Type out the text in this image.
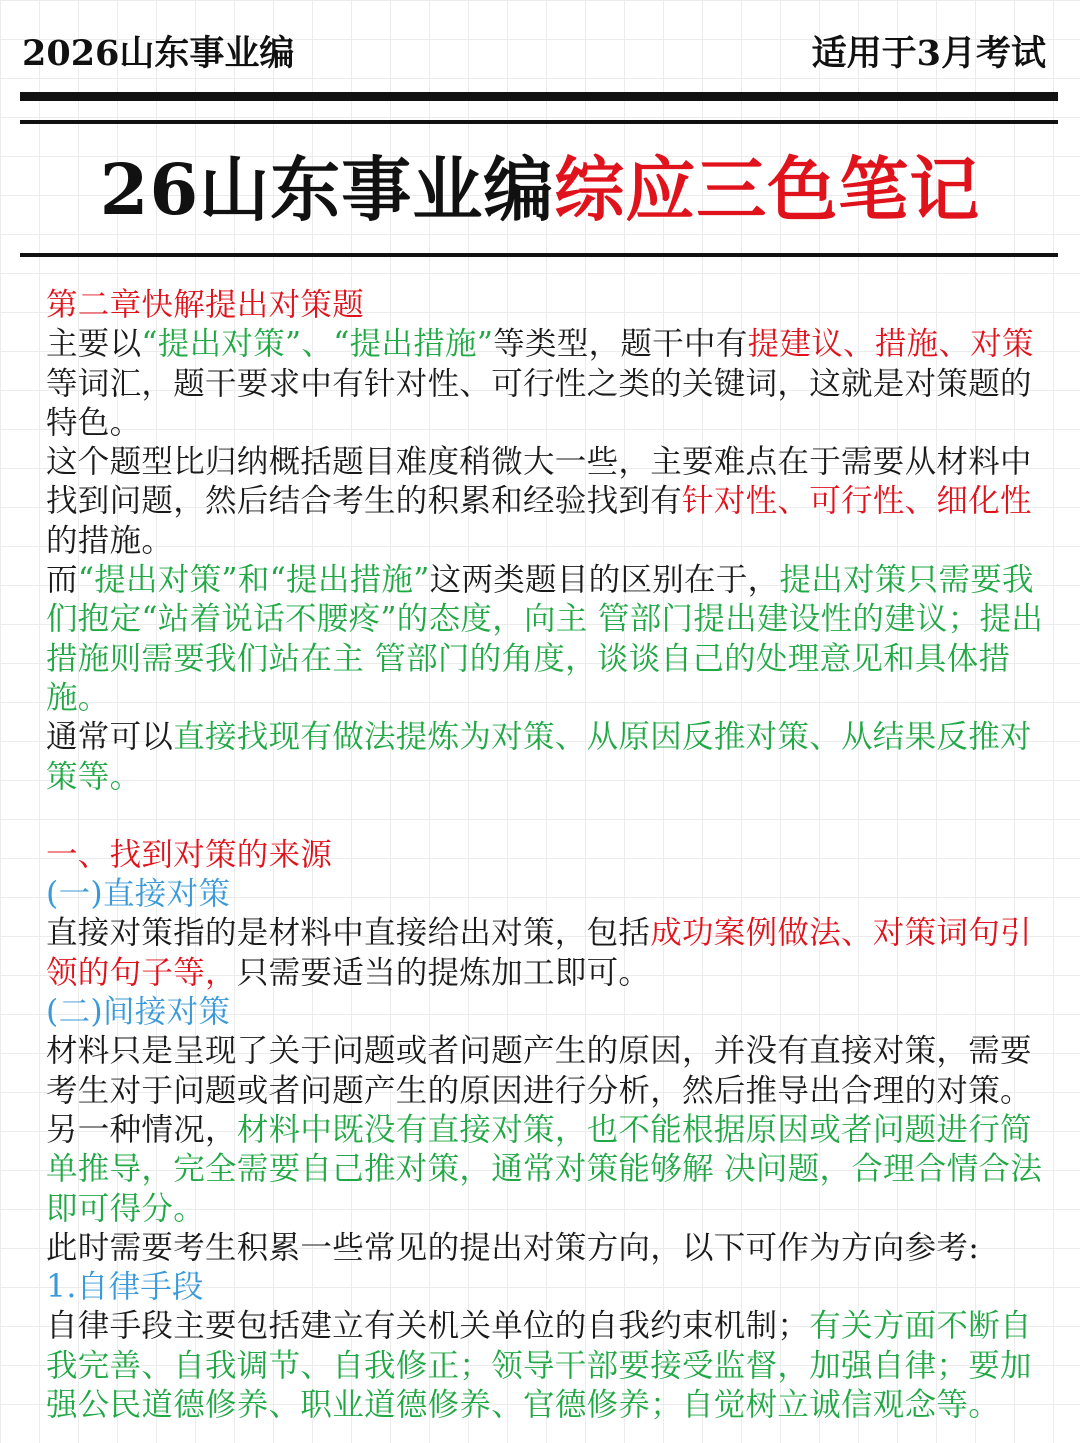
2026山东事业编	适用于3月考试
26山东事业编综应三色笔记

第二章快解提出对策题

主要以“提出对策”、“提出措施”等类型，题干中有提建议、措施、对策等词汇，题干要求中有针对性、可行性之类的关键词，这就是对策题的特色。

这个题型比归纳概括题目难度稍微大一些，主要难点在于需要从材料中找到问题，然后结合考生的积累和经验找到有针对性、可行性、细化性的措施。

而“提出对策”和“提出措施”这两类题目的区别在于，提出对策只需要我们抱定“站着说话不腰疼”的态度，向主 管部门提出建设性的建议；提出措施则需要我们站在主 管部门的角度，谈谈自己的处理意见和具体措施。

通常可以直接找现有做法提炼为对策、从原因反推对策、从结果反推对策等。

一、找到对策的来源

(一)直接对策

直接对策指的是材料中直接给出对策，包括成功案例做法、对策词句引 领的句子等，只需要适当的提炼加工即可。

(二)间接对策

材料只是呈现了关于问题或者问题产生的原因，并没有直接对策，需要考生对于问题或者问题产生的原因进行分析，然后推导出合理的对策。另一种情况，材料中既没有直接对策，也不能根据原因或者问题进行简单推导，完全需要自己推对策，通常对策能够解 决问题，合理合情合法即可得分。

此时需要考生积累一些常见的提出对策方向，以下可作为方向参考:

1.自律手段

自律手段主要包括建立有关机关单位的自我约束机制；有关方面不断自我完善、自我调节、自我修正；领导干部要接受监督，加强自律；要加强公民道德修养、职业道德修养、官德修养；自觉树立诚信观念等。
